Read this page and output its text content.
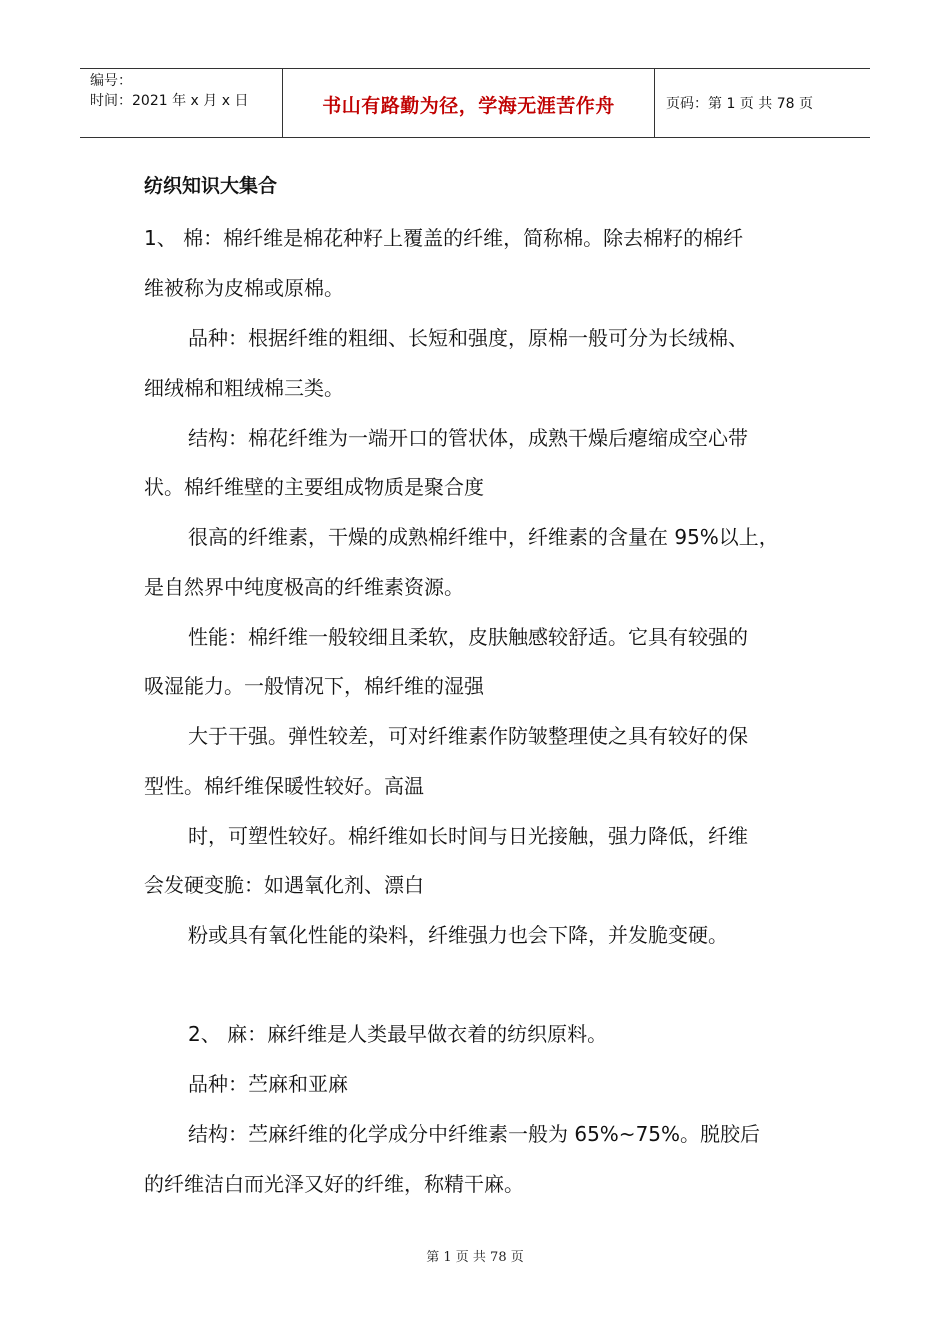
编号：
时间：2021 年 x 月 x 日	书山有路勤为径，学海无涯苦作舟	页码：第 1 页 共 78 页
纺织知识大集合
1、 棉：棉纤维是棉花种籽上覆盖的纤维，简称棉。除去棉籽的棉纤
维被称为皮棉或原棉。
品种：根据纤维的粗细、长短和强度，原棉一般可分为长绒棉、
细绒棉和粗绒棉三类。
结构：棉花纤维为一端开口的管状体，成熟干燥后瘪缩成空心带
状。棉纤维壁的主要组成物质是聚合度
很高的纤维素，干燥的成熟棉纤维中，纤维素的含量在 95%以上，
是自然界中纯度极高的纤维素资源。
性能：棉纤维一般较细且柔软，皮肤触感较舒适。它具有较强的
吸湿能力。一般情况下，棉纤维的湿强
大于干强。弹性较差，可对纤维素作防皱整理使之具有较好的保
型性。棉纤维保暖性较好。高温
时，可塑性较好。棉纤维如长时间与日光接触，强力降低，纤维
会发硬变脆：如遇氧化剂、漂白
粉或具有氧化性能的染料，纤维强力也会下降，并发脆变硬。
2、 麻：麻纤维是人类最早做衣着的纺织原料。
品种：苎麻和亚麻
结构：苎麻纤维的化学成分中纤维素一般为 65%~75%。脱胶后
的纤维洁白而光泽又好的纤维，称精干麻。
第 1 页 共 78 页
